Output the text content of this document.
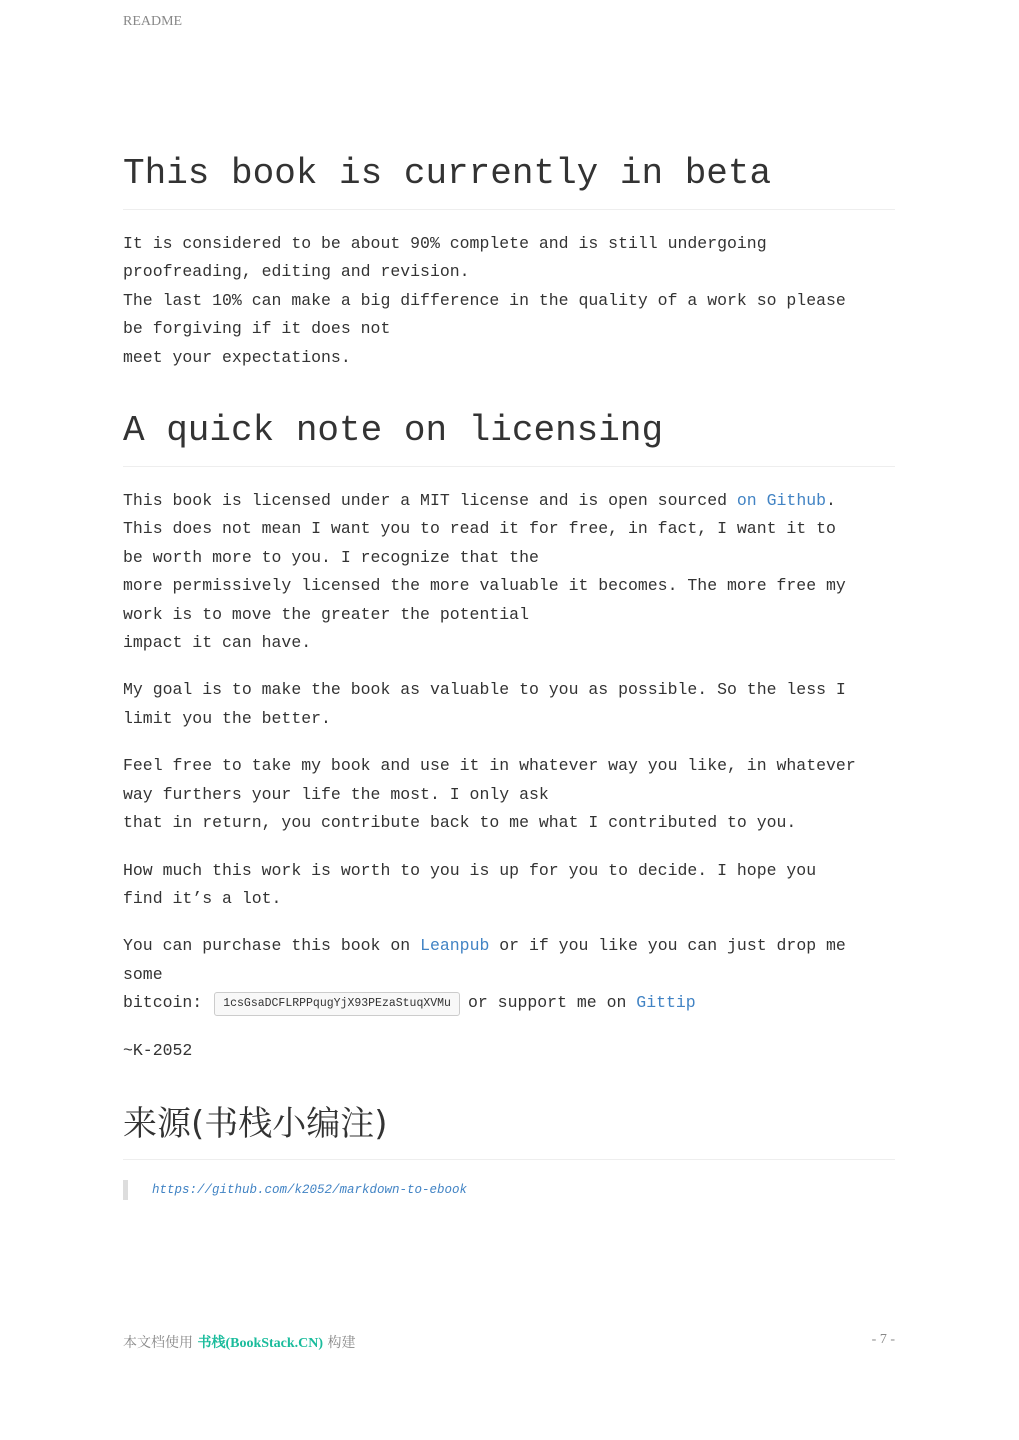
README
This book is currently in beta

It is considered to be about 90% complete and is still undergoing
proofreading, editing and revision.
The last 10% can make a big difference in the quality of a work so please
be forgiving if it does not
meet your expectations.

A quick note on licensing

This book is licensed under a MIT license and is open sourced on Github.
This does not mean I want you to read it for free, in fact, I want it to
be worth more to you. I recognize that the
more permissively licensed the more valuable it becomes. The more free my
work is to move the greater the potential
impact it can have.

My goal is to make the book as valuable to you as possible. So the less I
limit you the better.

Feel free to take my book and use it in whatever way you like, in whatever
way furthers your life the most. I only ask
that in return, you contribute back to me what I contributed to you.

How much this work is worth to you is up for you to decide. I hope you
find it’s a lot.

You can purchase this book on Leanpub or if you like you can just drop me
some
bitcoin: 1csGsaDCFLRPPqugYjX93PEzaStuqXVMu or support me on Gittip

~K-2052

来源(书栈小编注)
https://github.com/k2052/markdown-to-ebook
本文档使用 书栈(BookStack.CN) 构建	- 7 -
